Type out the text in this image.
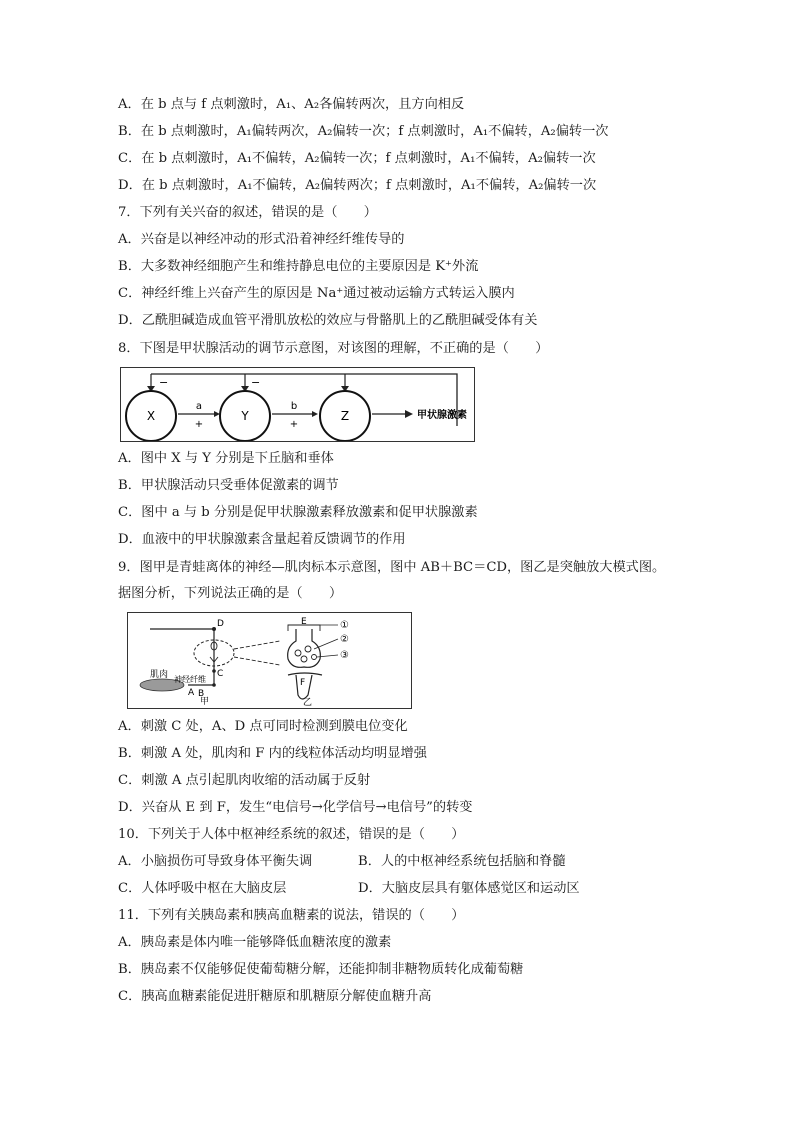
A．在 b 点与 f 点刺激时，A₁、A₂各偏转两次，且方向相反
B．在 b 点刺激时，A₁偏转两次，A₂偏转一次；f 点刺激时，A₁不偏转，A₂偏转一次
C．在 b 点刺激时，A₁不偏转，A₂偏转一次；f 点刺激时，A₁不偏转，A₂偏转一次
D．在 b 点刺激时，A₁不偏转，A₂偏转两次；f 点刺激时，A₁不偏转，A₂偏转一次
7．下列有关兴奋的叙述，错误的是（　　）
A．兴奋是以神经冲动的形式沿着神经纤维传导的
B．大多数神经细胞产生和维持静息电位的主要原因是 K⁺外流
C．神经纤维上兴奋产生的原因是 Na⁺通过被动运输方式转运入膜内
D．乙酰胆碱造成血管平滑肌放松的效应与骨骼肌上的乙酰胆碱受体有关
8．下图是甲状腺活动的调节示意图，对该图的理解，不正确的是（　　）
−	−
X	Y	Z
a
+
b
+
甲状腺激素
A．图中 X 与 Y 分别是下丘脑和垂体
B．甲状腺活动只受垂体促激素的调节
C．图中 a 与 b 分别是促甲状腺激素释放激素和促甲状腺激素
D．血液中的甲状腺激素含量起着反馈调节的作用
9．图甲是青蛙离体的神经—肌肉标本示意图，图中 AB＋BC＝CD，图乙是突触放大模式图。
据图分析，下列说法正确的是（　　）
D
C
B
A
肌肉 神经纤维
甲
E
F
乙
①
②
③
A．刺激 C 处，A、D 点可同时检测到膜电位变化
B．刺激 A 处，肌肉和 F 内的线粒体活动均明显增强
C．刺激 A 点引起肌肉收缩的活动属于反射
D．兴奋从 E 到 F，发生“电信号→化学信号→电信号”的转变
10．下列关于人体中枢神经系统的叙述，错误的是（　　）
A．小脑损伤可导致身体平衡失调	B．人的中枢神经系统包括脑和脊髓
C．人体呼吸中枢在大脑皮层	D．大脑皮层具有躯体感觉区和运动区
11．下列有关胰岛素和胰高血糖素的说法，错误的（　　）
A．胰岛素是体内唯一能够降低血糖浓度的激素
B．胰岛素不仅能够促使葡萄糖分解，还能抑制非糖物质转化成葡萄糖
C．胰高血糖素能促进肝糖原和肌糖原分解使血糖升高
